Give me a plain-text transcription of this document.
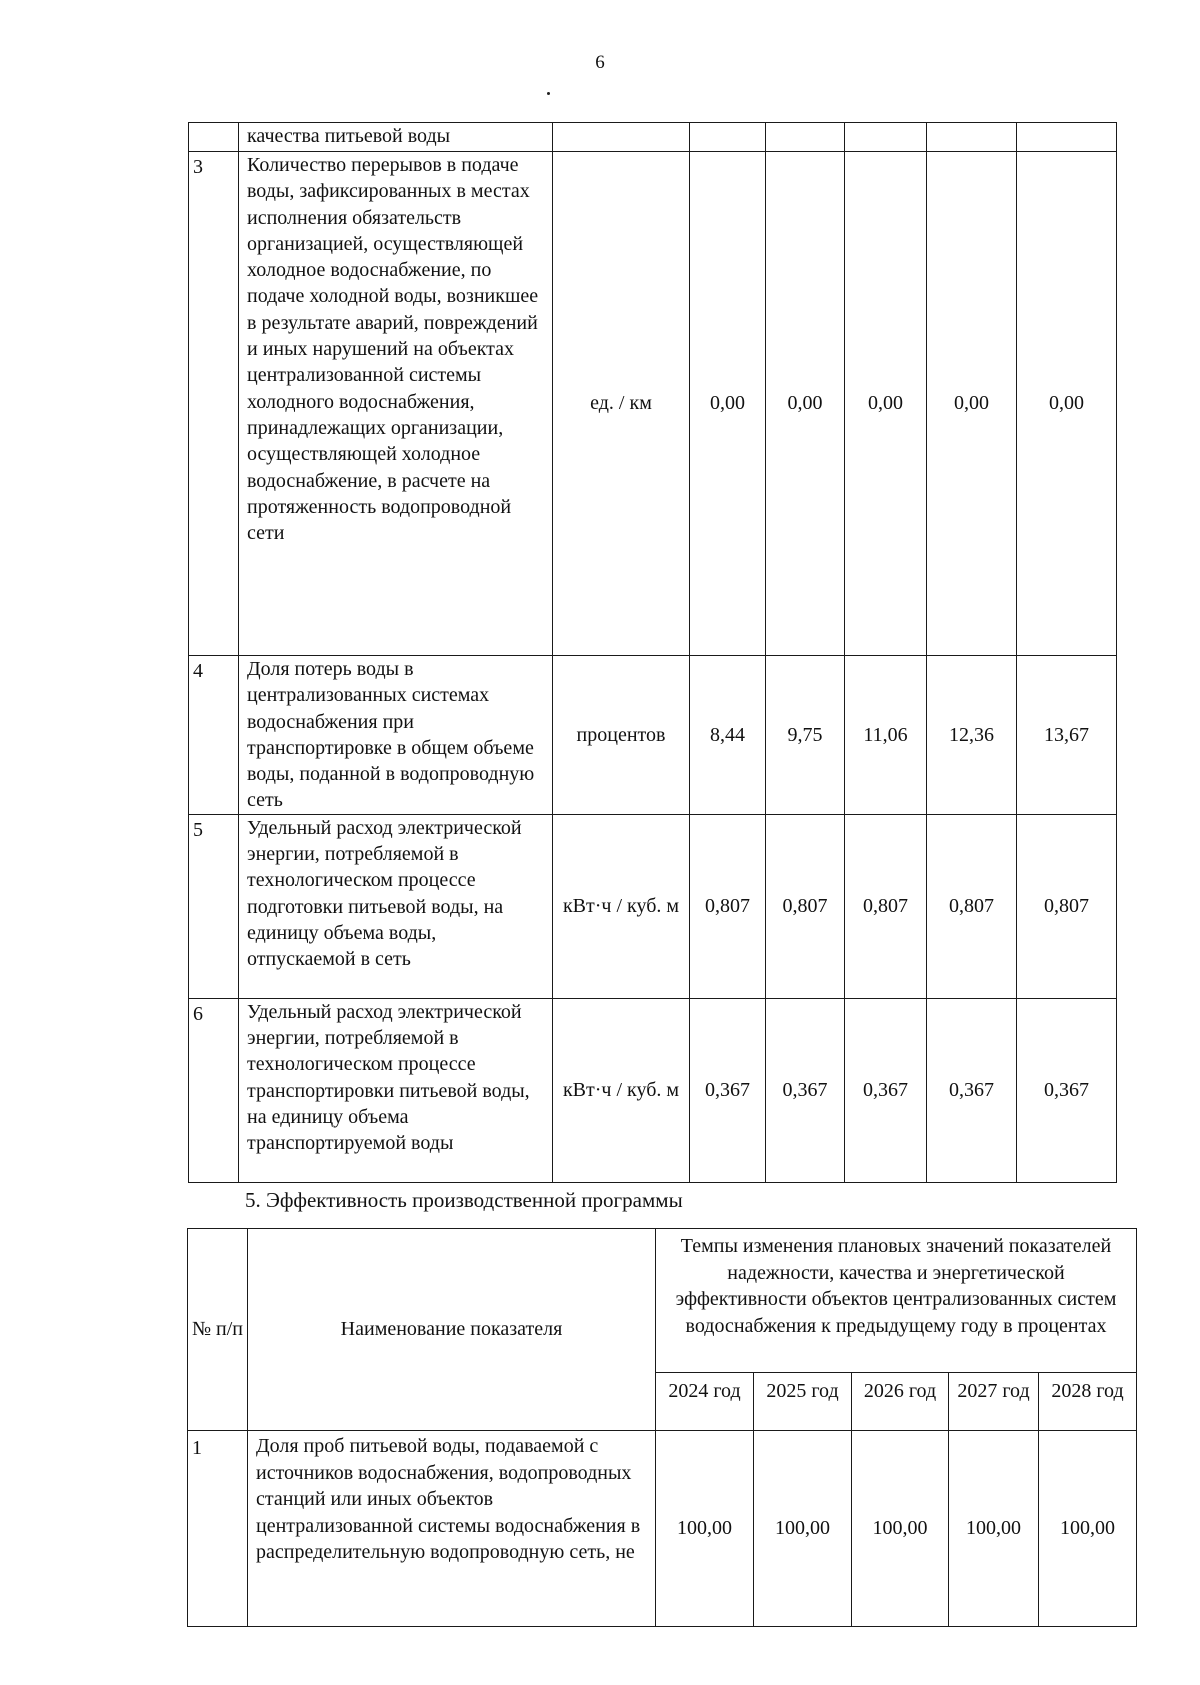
6
	качества питьевой воды						
3	Количество перерывов в подаче воды, зафиксированных в местах исполнения обязательств организацией, осуществляющей холодное водоснабжение, по подаче холодной воды, возникшее в результате аварий, повреждений и иных нарушений на объектах централизованной системы холодного водоснабжения, принадлежащих организации, осуществляющей холодное водоснабжение, в расчете на протяженность водопроводной сети	ед. / км	0,00	0,00	0,00	0,00	0,00
4	Доля потерь воды в централизованных системах водоснабжения при транспортировке в общем объеме воды, поданной в водопроводную сеть	процентов	8,44	9,75	11,06	12,36	13,67
5	Удельный расход электрической энергии, потребляемой в технологическом процессе подготовки питьевой воды, на единицу объема воды, отпускаемой в сеть	кВт·ч / куб. м	0,807	0,807	0,807	0,807	0,807
6	Удельный расход электрической энергии, потребляемой в технологическом процессе транспортировки питьевой воды, на единицу объема транспортируемой воды	кВт·ч / куб. м	0,367	0,367	0,367	0,367	0,367
5. Эффективность производственной программы
№ п/п	Наименование показателя	Темпы изменения плановых значений показателей надежности, качества и энергетической эффективности объектов централизованных систем водоснабжения к предыдущему году в процентах				
		2024 год	2025 год	2026 год	2027 год	2028 год
1	Доля проб питьевой воды, подаваемой с источников водоснабжения, водопроводных станций или иных объектов централизованной системы водоснабжения в распределительную водопроводную сеть, не	100,00	100,00	100,00	100,00	100,00
